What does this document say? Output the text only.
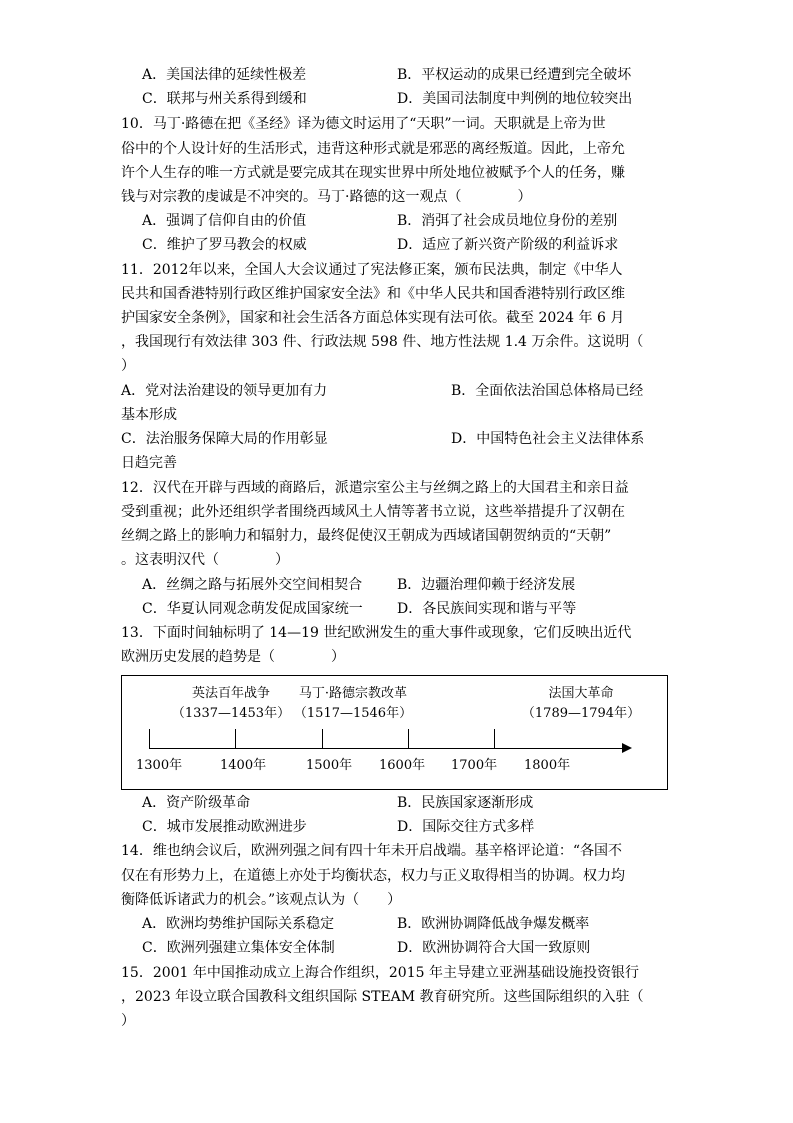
A．美国法律的延续性极差	B．平权运动的成果已经遭到完全破坏
C．联邦与州关系得到缓和	D．美国司法制度中判例的地位较突出
10．马丁·路德在把《圣经》译为德文时运用了“天职”一词。天职就是上帝为世
俗中的个人设计好的生活形式，违背这种形式就是邪恶的离经叛道。因此，上帝允
许个人生存的唯一方式就是要完成其在现实世界中所处地位被赋予个人的任务，赚
钱与对宗教的虔诚是不冲突的。马丁·路德的这一观点（　　　　）
A．强调了信仰自由的价值	B．消弭了社会成员地位身份的差别
C．维护了罗马教会的权威	D．适应了新兴资产阶级的利益诉求
11．2012年以来，全国人大会议通过了宪法修正案，颁布民法典，制定《中华人
民共和国香港特别行政区维护国家安全法》和《中华人民共和国香港特别行政区维
护国家安全条例》，国家和社会生活各方面总体实现有法可依。截至 2024 年 6 月
，我国现行有效法律 303 件、行政法规 598 件、地方性法规 1.4 万余件。这说明（
）
A．党对法治建设的领导更加有力	B．全面依法治国总体格局已经
基本形成
C．法治服务保障大局的作用彰显	D．中国特色社会主义法律体系
日趋完善
12．汉代在开辟与西域的商路后，派遣宗室公主与丝绸之路上的大国君主和亲日益
受到重视；此外还组织学者围绕西域风土人情等著书立说，这些举措提升了汉朝在
丝绸之路上的影响力和辐射力，最终促使汉王朝成为西域诸国朝贺纳贡的“天朝”
。这表明汉代（　　　　）
A．丝绸之路与拓展外交空间相契合 B．边疆治理仰赖于经济发展
C．华夏认同观念萌发促成国家统一 D．各民族间实现和谐与平等
13．下面时间轴标明了 14—19 世纪欧洲发生的重大事件或现象，它们反映出近代
欧洲历史发展的趋势是（　　　　）
英法百年战争
（1337—1453年）
马丁·路德宗教改革
（1517—1546年）
法国大革命
（1789—1794年）
1300年	1400年	1500年 1600年 1700年 1800年
A．资产阶级革命	B．民族国家逐渐形成
C．城市发展推动欧洲进步	D．国际交往方式多样
14．维也纳会议后，欧洲列强之间有四十年未开启战端。基辛格评论道：“各国不
仅在有形势力上，在道德上亦处于均衡状态，权力与正义取得相当的协调。权力均
衡降低诉诸武力的机会。”该观点认为（　　）
A．欧洲均势维护国际关系稳定	B．欧洲协调降低战争爆发概率
C．欧洲列强建立集体安全体制	D．欧洲协调符合大国一致原则
15．2001 年中国推动成立上海合作组织，2015 年主导建立亚洲基础设施投资银行
，2023 年设立联合国教科文组织国际 STEAM 教育研究所。这些国际组织的入驻（
）
